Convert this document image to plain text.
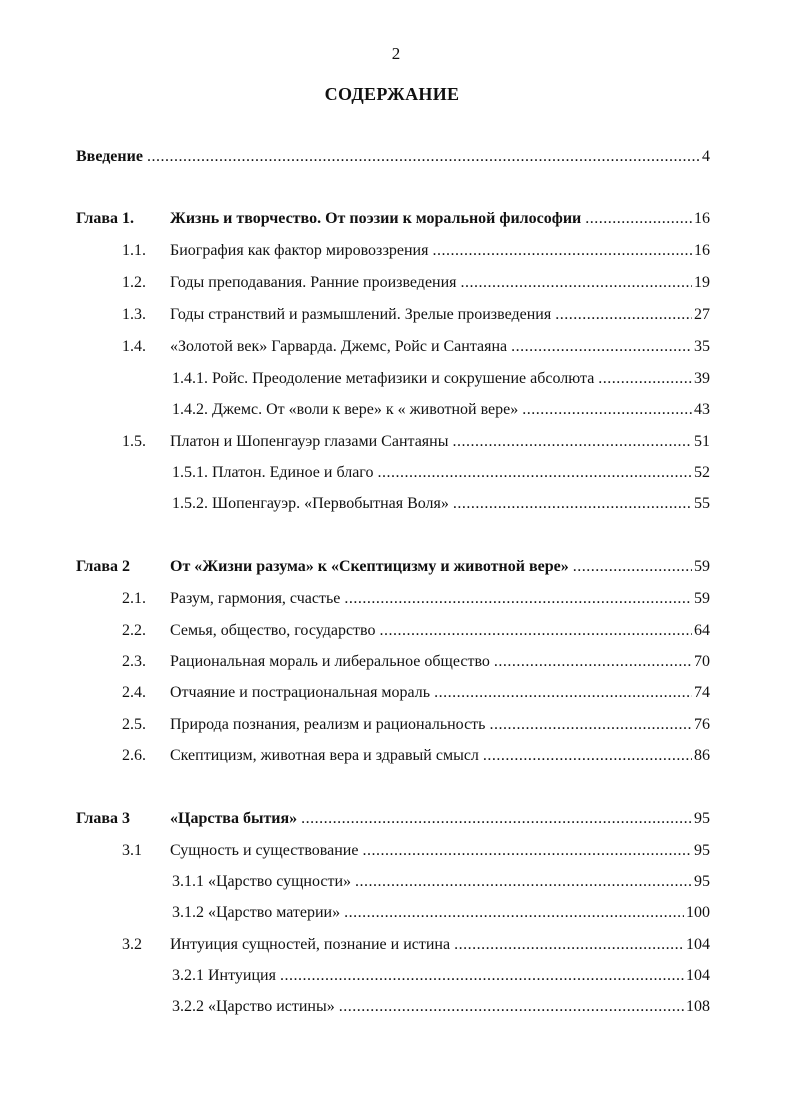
2
СОДЕРЖАНИЕ
Введение .....	4
Глава 1. Жизнь и творчество. От поэзии к моральной философии .....	16
1.1. Биография как фактор мировоззрения .....	16
1.2. Годы преподавания. Ранние произведения .....	19
1.3. Годы странствий и размышлений. Зрелые произведения .....	27
1.4. «Золотой век» Гарварда. Джемс, Ройс и Сантаяна .....	35
1.4.1. Ройс. Преодоление метафизики и сокрушение абсолюта .....	39
1.4.2. Джемс. От «воли к вере» к « животной вере» .....	43
1.5. Платон и Шопенгауэр глазами Сантаяны .....	51
1.5.1. Платон. Единое и благо .....	52
1.5.2. Шопенгауэр. «Первобытная Воля» .....	55
Глава 2	От «Жизни разума» к «Скептицизму и животной вере» .....	59
2.1. Разум, гармония, счастье .....	59
2.2. Семья, общество, государство .....	64
2.3. Рациональная мораль и либеральное общество .....	70
2.4. Отчаяние и пострациональная мораль .....	74
2.5. Природа познания, реализм и рациональность .....	76
2.6. Скептицизм, животная вера и здравый смысл .....	86
Глава 3	«Царства бытия» .....	95
3.1 Сущность и существование .....	95
3.1.1 «Царство сущности» .....	95
3.1.2 «Царство материи» .....	100
3.2 Интуиция сущностей, познание и истина .....	104
3.2.1 Интуиция .....	104
3.2.2 «Царство истины» .....	108
